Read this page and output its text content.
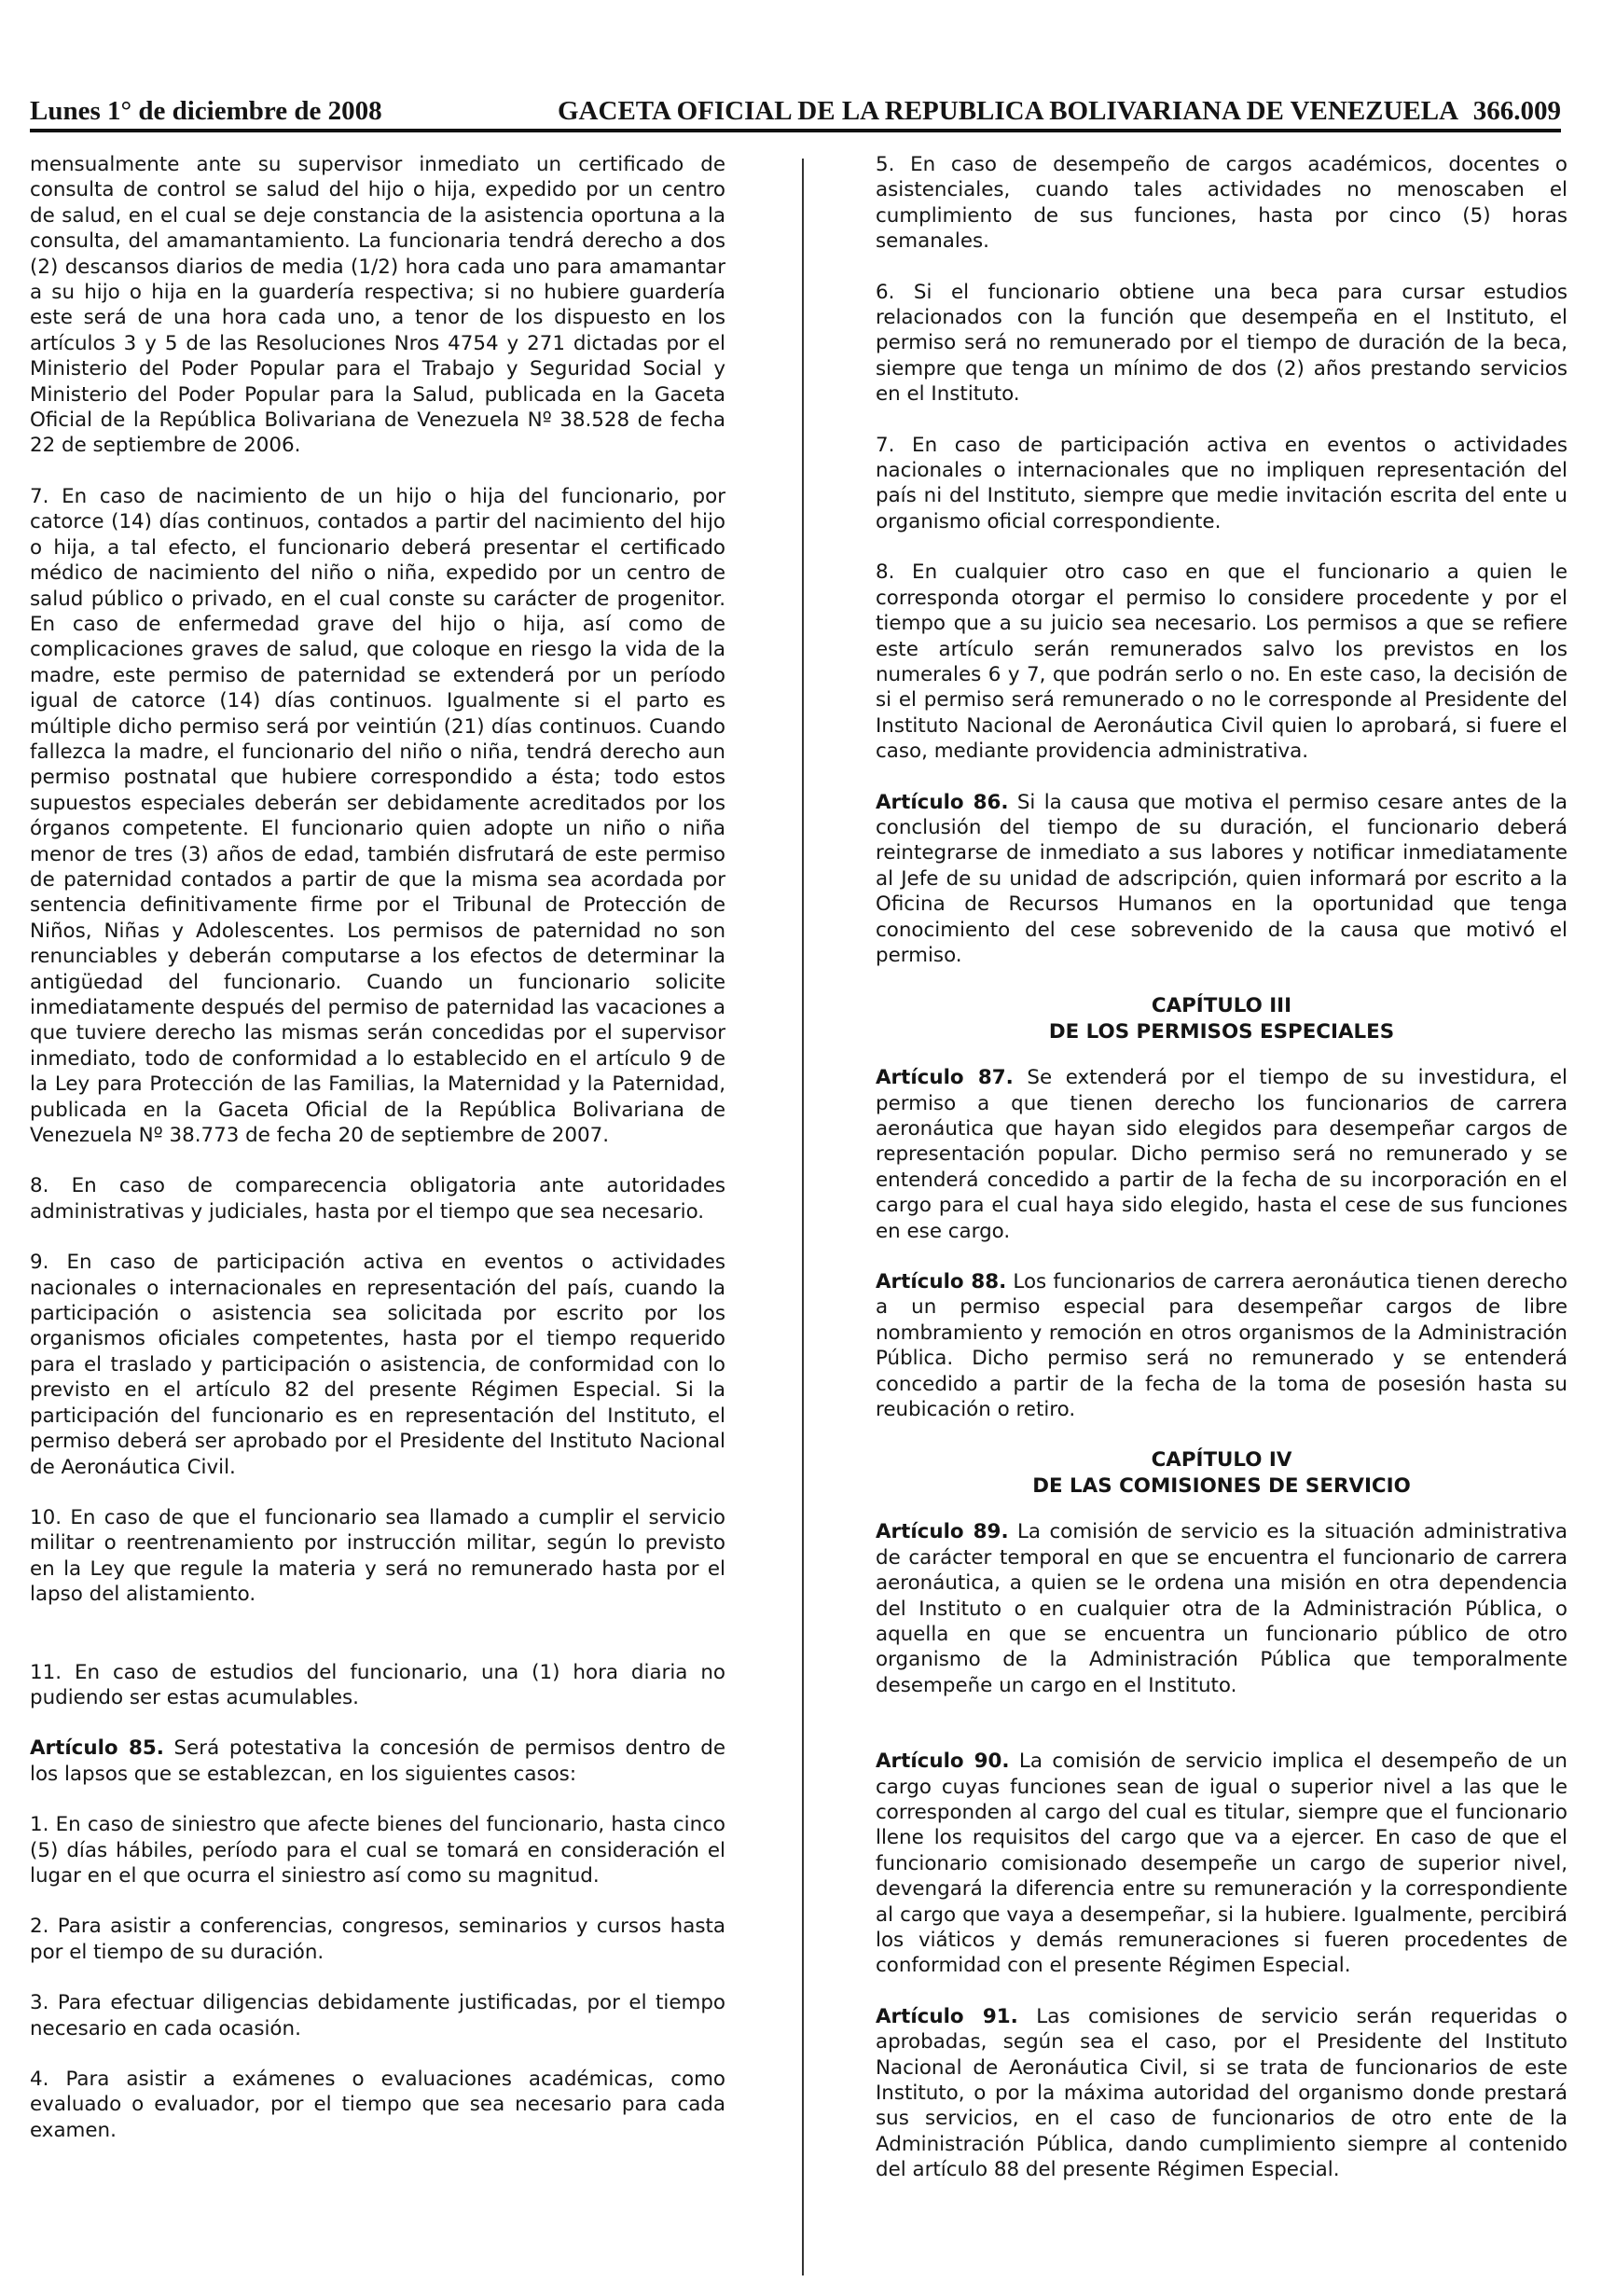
Lunes 1° de diciembre de 2008	GACETA OFICIAL DE LA REPUBLICA BOLIVARIANA DE VENEZUELA 366.009

mensualmente ante su supervisor inmediato un certificado de consulta de control se salud del hijo o hija, expedido por un centro de salud, en el cual se deje constancia de la asistencia oportuna a la consulta, del amamantamiento. La funcionaria tendrá derecho a dos (2) descansos diarios de media (1/2) hora cada uno para amamantar a su hijo o hija en la guardería respectiva; si no hubiere guardería este será de una hora cada uno, a tenor de los dispuesto en los artículos 3 y 5 de las Resoluciones Nros 4754 y 271 dictadas por el Ministerio del Poder Popular para el Trabajo y Seguridad Social y Ministerio del Poder Popular para la Salud, publicada en la Gaceta Oficial de la República Bolivariana de Venezuela Nº 38.528 de fecha 22 de septiembre de 2006.

7. En caso de nacimiento de un hijo o hija del funcionario, por catorce (14) días continuos, contados a partir del nacimiento del hijo o hija, a tal efecto, el funcionario deberá presentar el certificado médico de nacimiento del niño o niña, expedido por un centro de salud público o privado, en el cual conste su carácter de progenitor. En caso de enfermedad grave del hijo o hija, así como de complicaciones graves de salud, que coloque en riesgo la vida de la madre, este permiso de paternidad se extenderá por un período igual de catorce (14) días continuos. Igualmente si el parto es múltiple dicho permiso será por veintiún (21) días continuos. Cuando fallezca la madre, el funcionario del niño o niña, tendrá derecho aun permiso postnatal que hubiere correspondido a ésta; todo estos supuestos especiales deberán ser debidamente acreditados por los órganos competente. El funcionario quien adopte un niño o niña menor de tres (3) años de edad, también disfrutará de este permiso de paternidad contados a partir de que la misma sea acordada por sentencia definitivamente firme por el Tribunal de Protección de Niños, Niñas y Adolescentes. Los permisos de paternidad no son renunciables y deberán computarse a los efectos de determinar la antigüedad del funcionario. Cuando un funcionario solicite inmediatamente después del permiso de paternidad las vacaciones a que tuviere derecho las mismas serán concedidas por el supervisor inmediato, todo de conformidad a lo establecido en el artículo 9 de la Ley para Protección de las Familias, la Maternidad y la Paternidad, publicada en la Gaceta Oficial de la República Bolivariana de Venezuela Nº 38.773 de fecha 20 de septiembre de 2007.

8. En caso de comparecencia obligatoria ante autoridades administrativas y judiciales, hasta por el tiempo que sea necesario.

9. En caso de participación activa en eventos o actividades nacionales o internacionales en representación del país, cuando la participación o asistencia sea solicitada por escrito por los organismos oficiales competentes, hasta por el tiempo requerido para el traslado y participación o asistencia, de conformidad con lo previsto en el artículo 82 del presente Régimen Especial. Si la participación del funcionario es en representación del Instituto, el permiso deberá ser aprobado por el Presidente del Instituto Nacional de Aeronáutica Civil.

10. En caso de que el funcionario sea llamado a cumplir el servicio militar o reentrenamiento por instrucción militar, según lo previsto en la Ley que regule la materia y será no remunerado hasta por el lapso del alistamiento.

11. En caso de estudios del funcionario, una (1) hora diaria no pudiendo ser estas acumulables.

Artículo 85. Será potestativa la concesión de permisos dentro de los lapsos que se establezcan, en los siguientes casos:

1. En caso de siniestro que afecte bienes del funcionario, hasta cinco (5) días hábiles, período para el cual se tomará en consideración el lugar en el que ocurra el siniestro así como su magnitud.

2. Para asistir a conferencias, congresos, seminarios y cursos hasta por el tiempo de su duración.

3. Para efectuar diligencias debidamente justificadas, por el tiempo necesario en cada ocasión.

4. Para asistir a exámenes o evaluaciones académicas, como evaluado o evaluador, por el tiempo que sea necesario para cada examen.

5. En caso de desempeño de cargos académicos, docentes o asistenciales, cuando tales actividades no menoscaben el cumplimiento de sus funciones, hasta por cinco (5) horas semanales.

6. Si el funcionario obtiene una beca para cursar estudios relacionados con la función que desempeña en el Instituto, el permiso será no remunerado por el tiempo de duración de la beca, siempre que tenga un mínimo de dos (2) años prestando servicios en el Instituto.

7. En caso de participación activa en eventos o actividades nacionales o internacionales que no impliquen representación del país ni del Instituto, siempre que medie invitación escrita del ente u organismo oficial correspondiente.

8. En cualquier otro caso en que el funcionario a quien le corresponda otorgar el permiso lo considere procedente y por el tiempo que a su juicio sea necesario. Los permisos a que se refiere este artículo serán remunerados salvo los previstos en los numerales 6 y 7, que podrán serlo o no. En este caso, la decisión de si el permiso será remunerado o no le corresponde al Presidente del Instituto Nacional de Aeronáutica Civil quien lo aprobará, si fuere el caso, mediante providencia administrativa.

Artículo 86. Si la causa que motiva el permiso cesare antes de la conclusión del tiempo de su duración, el funcionario deberá reintegrarse de inmediato a sus labores y notificar inmediatamente al Jefe de su unidad de adscripción, quien informará por escrito a la Oficina de Recursos Humanos en la oportunidad que tenga conocimiento del cese sobrevenido de la causa que motivó el permiso.

CAPÍTULO III
DE LOS PERMISOS ESPECIALES

Artículo 87. Se extenderá por el tiempo de su investidura, el permiso a que tienen derecho los funcionarios de carrera aeronáutica que hayan sido elegidos para desempeñar cargos de representación popular. Dicho permiso será no remunerado y se entenderá concedido a partir de la fecha de su incorporación en el cargo para el cual haya sido elegido, hasta el cese de sus funciones en ese cargo.

Artículo 88. Los funcionarios de carrera aeronáutica tienen derecho a un permiso especial para desempeñar cargos de libre nombramiento y remoción en otros organismos de la Administración Pública. Dicho permiso será no remunerado y se entenderá concedido a partir de la fecha de la toma de posesión hasta su reubicación o retiro.

CAPÍTULO IV
DE LAS COMISIONES DE SERVICIO

Artículo 89. La comisión de servicio es la situación administrativa de carácter temporal en que se encuentra el funcionario de carrera aeronáutica, a quien se le ordena una misión en otra dependencia del Instituto o en cualquier otra de la Administración Pública, o aquella en que se encuentra un funcionario público de otro organismo de la Administración Pública que temporalmente desempeñe un cargo en el Instituto.

Artículo 90. La comisión de servicio implica el desempeño de un cargo cuyas funciones sean de igual o superior nivel a las que le corresponden al cargo del cual es titular, siempre que el funcionario llene los requisitos del cargo que va a ejercer. En caso de que el funcionario comisionado desempeñe un cargo de superior nivel, devengará la diferencia entre su remuneración y la correspondiente al cargo que vaya a desempeñar, si la hubiere. Igualmente, percibirá los viáticos y demás remuneraciones si fueren procedentes de conformidad con el presente Régimen Especial.

Artículo 91. Las comisiones de servicio serán requeridas o aprobadas, según sea el caso, por el Presidente del Instituto Nacional de Aeronáutica Civil, si se trata de funcionarios de este Instituto, o por la máxima autoridad del organismo donde prestará sus servicios, en el caso de funcionarios de otro ente de la Administración Pública, dando cumplimiento siempre al contenido del artículo 88 del presente Régimen Especial.
